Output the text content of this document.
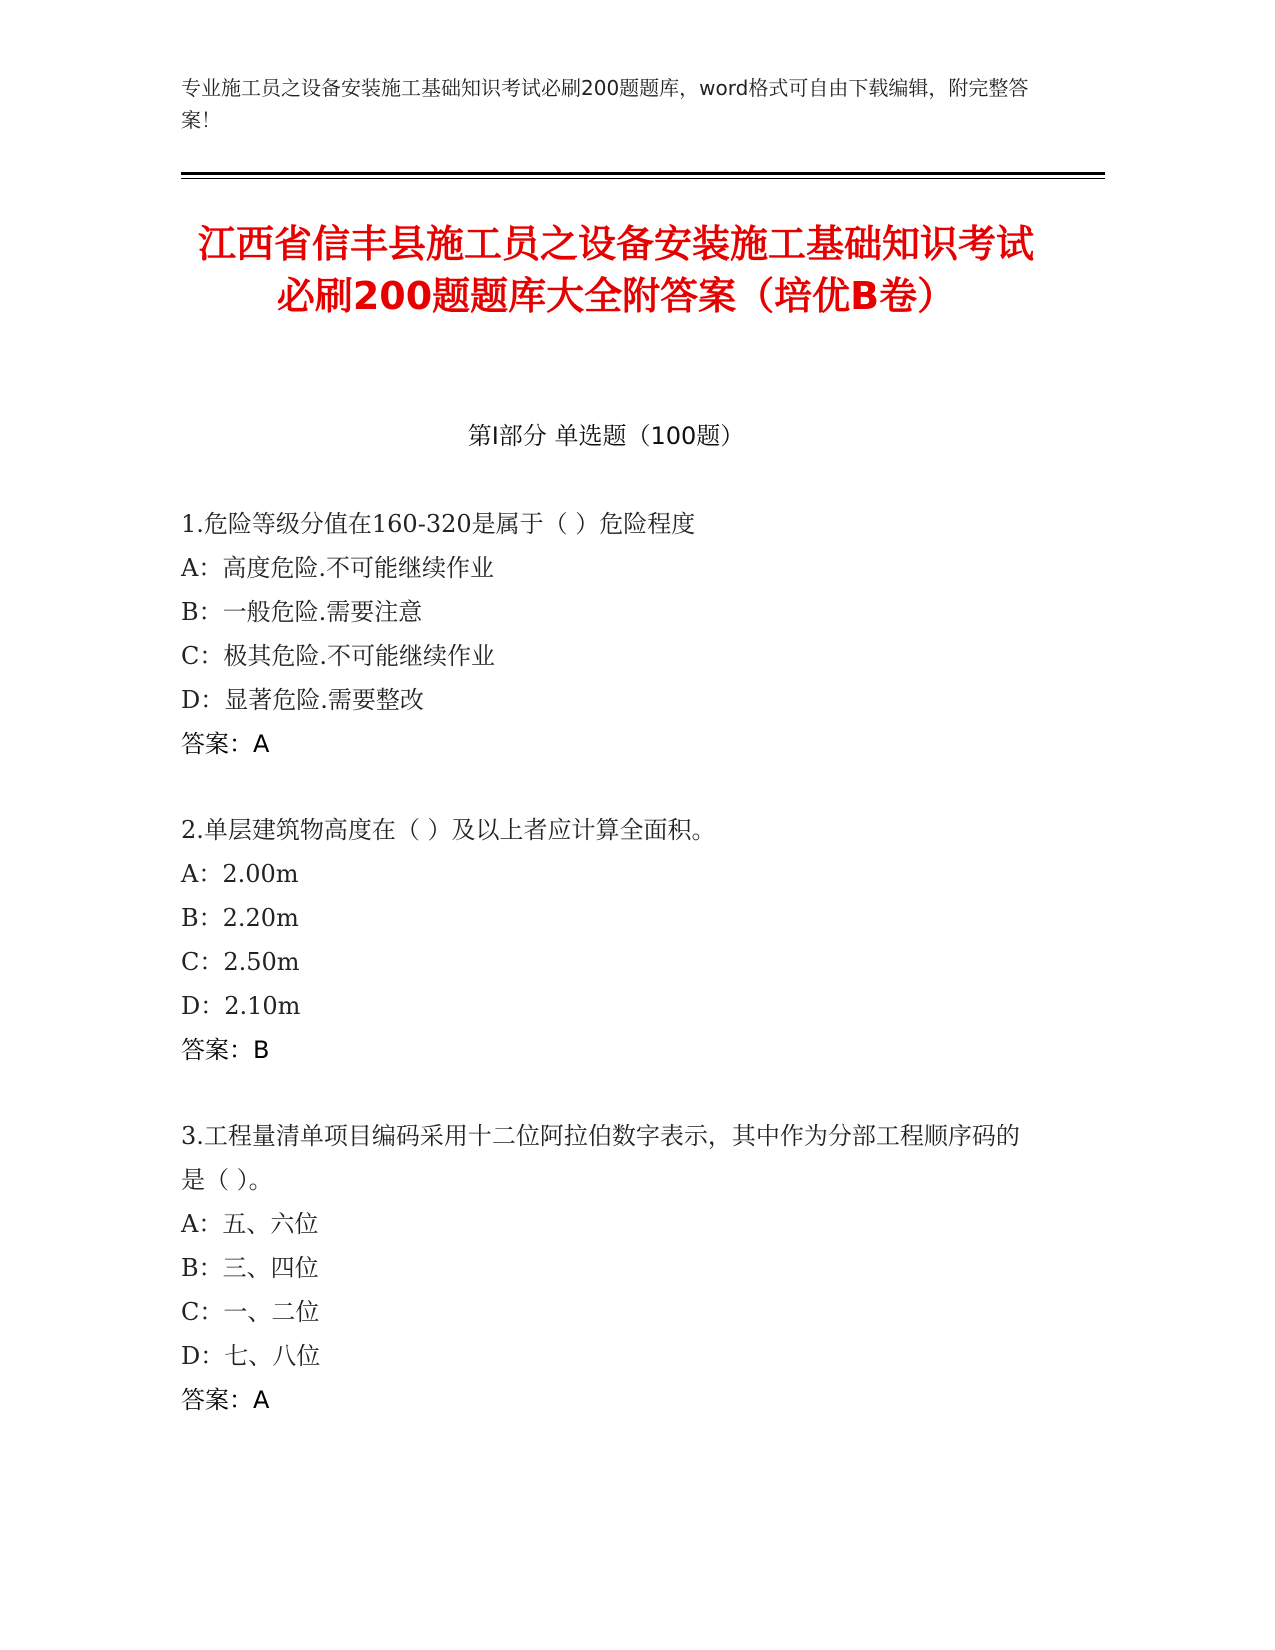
专业施工员之设备安装施工基础知识考试必刷200题题库，word格式可自由下载编辑，附完整答案！
江西省信丰县施工员之设备安装施工基础知识考试必刷200题题库大全附答案（培优B卷）
第Ⅰ部分 单选题（100题）

1.危险等级分值在160-320是属于（ ）危险程度

A：高度危险.不可能继续作业

B：一般危险.需要注意

C：极其危险.不可能继续作业

D：显著危险.需要整改

答案：A

2.单层建筑物高度在（ ）及以上者应计算全面积。

A：2.00m

B：2.20m

C：2.50m

D：2.10m

答案：B

3.工程量清单项目编码采用十二位阿拉伯数字表示，其中作为分部工程顺序码的是（ ）。

A：五、六位

B：三、四位

C：一、二位

D：七、八位

答案：A
